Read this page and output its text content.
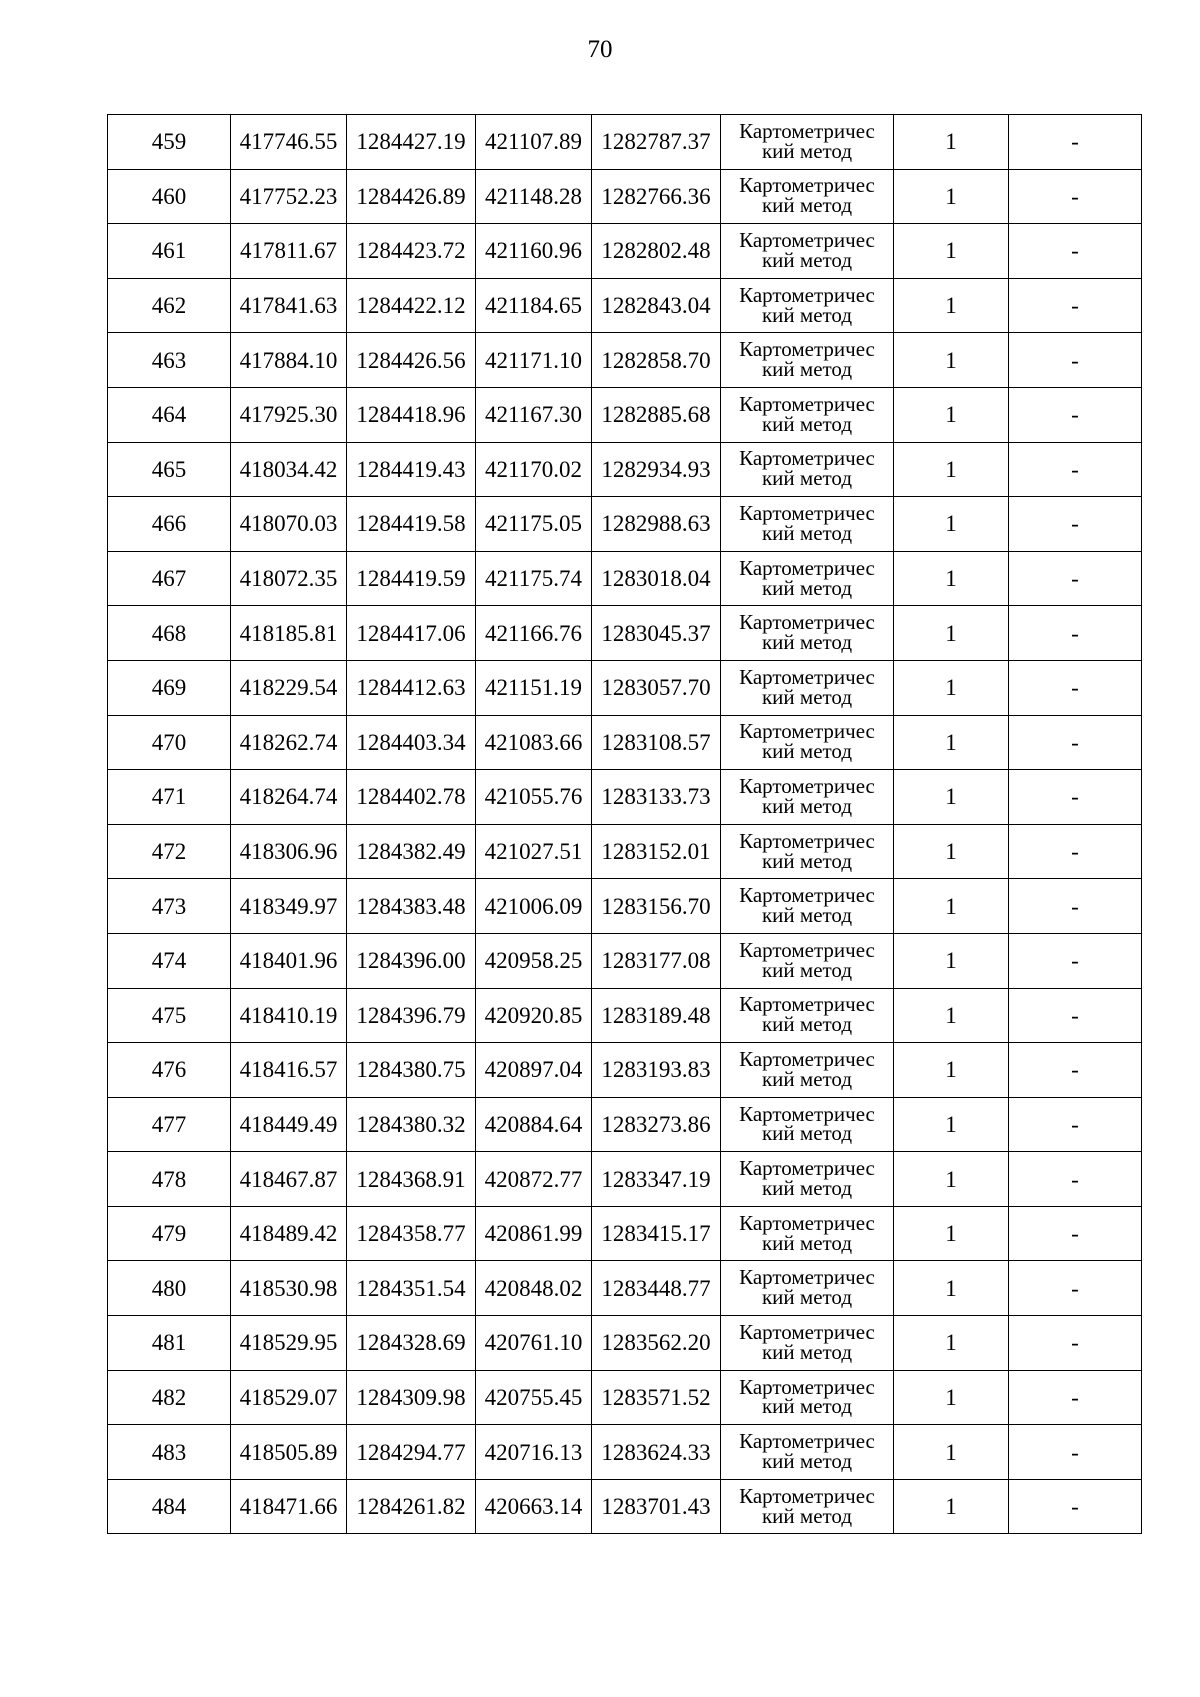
70
459	417746.55	1284427.19	421107.89	1282787.37	Картометричес кий метод	1	-
460	417752.23	1284426.89	421148.28	1282766.36	Картометричес кий метод	1	-
461	417811.67	1284423.72	421160.96	1282802.48	Картометричес кий метод	1	-
462	417841.63	1284422.12	421184.65	1282843.04	Картометричес кий метод	1	-
463	417884.10	1284426.56	421171.10	1282858.70	Картометричес кий метод	1	-
464	417925.30	1284418.96	421167.30	1282885.68	Картометричес кий метод	1	-
465	418034.42	1284419.43	421170.02	1282934.93	Картометричес кий метод	1	-
466	418070.03	1284419.58	421175.05	1282988.63	Картометричес кий метод	1	-
467	418072.35	1284419.59	421175.74	1283018.04	Картометричес кий метод	1	-
468	418185.81	1284417.06	421166.76	1283045.37	Картометричес кий метод	1	-
469	418229.54	1284412.63	421151.19	1283057.70	Картометричес кий метод	1	-
470	418262.74	1284403.34	421083.66	1283108.57	Картометричес кий метод	1	-
471	418264.74	1284402.78	421055.76	1283133.73	Картометричес кий метод	1	-
472	418306.96	1284382.49	421027.51	1283152.01	Картометричес кий метод	1	-
473	418349.97	1284383.48	421006.09	1283156.70	Картометричес кий метод	1	-
474	418401.96	1284396.00	420958.25	1283177.08	Картометричес кий метод	1	-
475	418410.19	1284396.79	420920.85	1283189.48	Картометричес кий метод	1	-
476	418416.57	1284380.75	420897.04	1283193.83	Картометричес кий метод	1	-
477	418449.49	1284380.32	420884.64	1283273.86	Картометричес кий метод	1	-
478	418467.87	1284368.91	420872.77	1283347.19	Картометричес кий метод	1	-
479	418489.42	1284358.77	420861.99	1283415.17	Картометричес кий метод	1	-
480	418530.98	1284351.54	420848.02	1283448.77	Картометричес кий метод	1	-
481	418529.95	1284328.69	420761.10	1283562.20	Картометричес кий метод	1	-
482	418529.07	1284309.98	420755.45	1283571.52	Картометричес кий метод	1	-
483	418505.89	1284294.77	420716.13	1283624.33	Картометричес кий метод	1	-
484	418471.66	1284261.82	420663.14	1283701.43	Картометричес кий метод	1	-
